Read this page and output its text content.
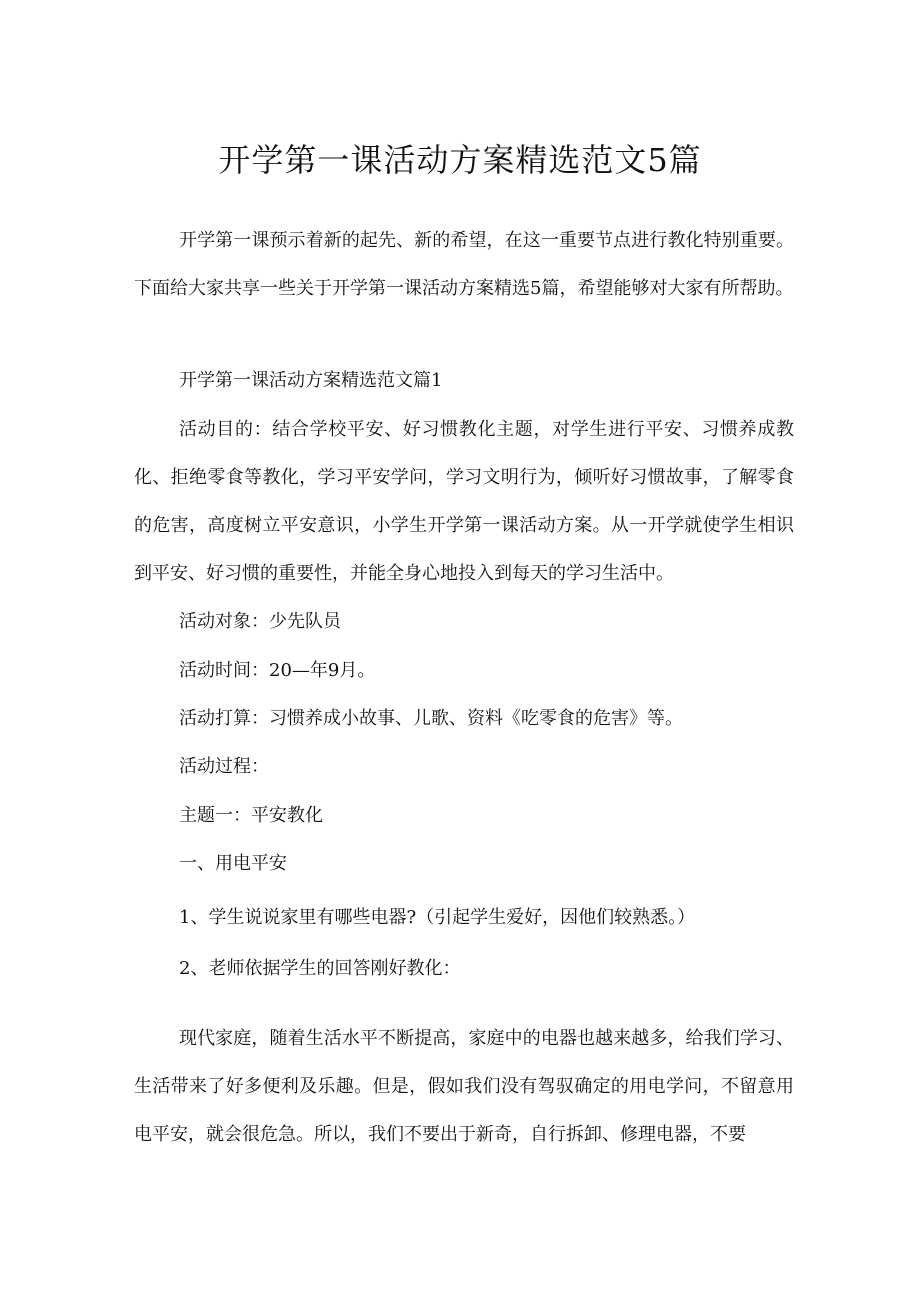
开学第一课活动方案精选范文5篇

开学第一课预示着新的起先、新的希望，在这一重要节点进行教化特别重要。下面给大家共享一些关于开学第一课活动方案精选5篇，希望能够对大家有所帮助。

开学第一课活动方案精选范文篇1

活动目的：结合学校平安、好习惯教化主题，对学生进行平安、习惯养成教化、拒绝零食等教化，学习平安学问，学习文明行为，倾听好习惯故事，了解零食的危害，高度树立平安意识，小学生开学第一课活动方案。从一开学就使学生相识到平安、好习惯的重要性，并能全身心地投入到每天的学习生活中。

活动对象：少先队员

活动时间：20—年9月。

活动打算：习惯养成小故事、儿歌、资料《吃零食的危害》等。

活动过程：

主题一：平安教化

一、用电平安

1、学生说说家里有哪些电器?（引起学生爱好，因他们较熟悉。）

2、老师依据学生的回答刚好教化：

现代家庭，随着生活水平不断提高，家庭中的电器也越来越多，给我们学习、生活带来了好多便利及乐趣。但是，假如我们没有驾驭确定的用电学问，不留意用电平安，就会很危急。所以，我们不要出于新奇，自行拆卸、修理电器，不要
